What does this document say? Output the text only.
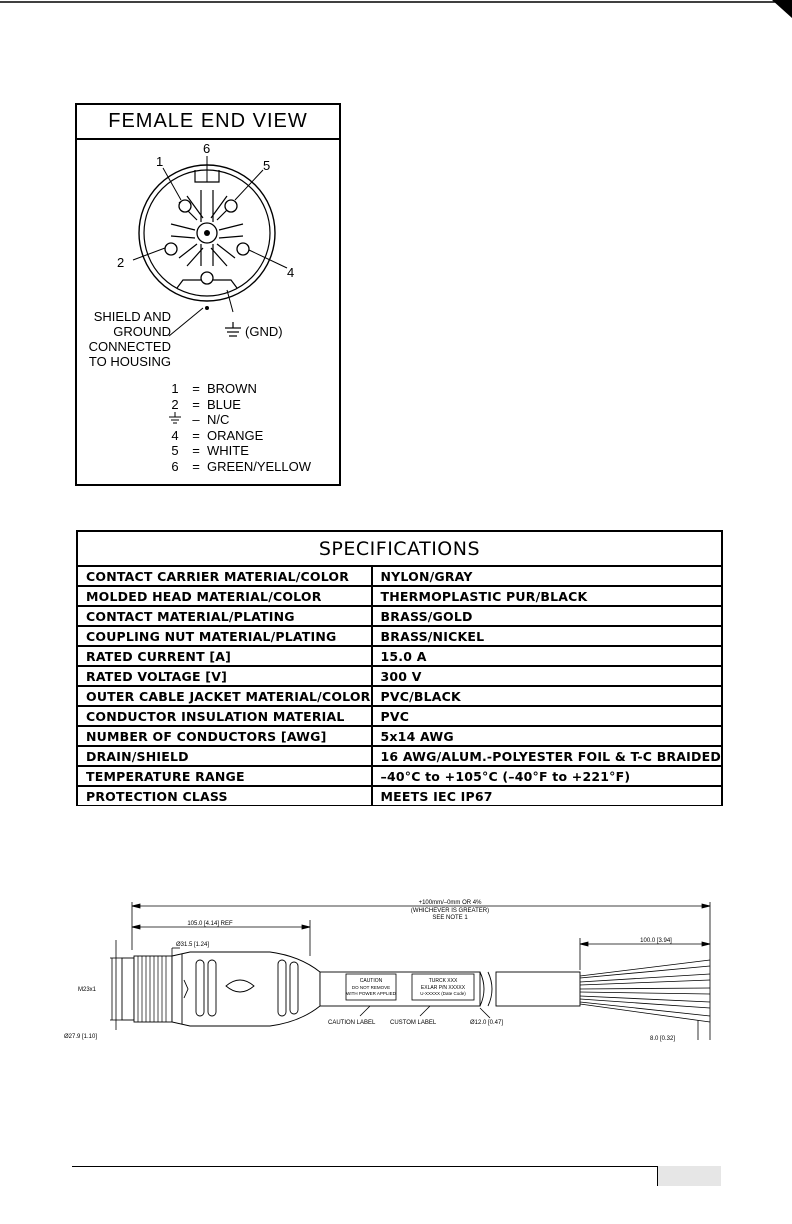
FEMALE END VIEW
6
1	5
2
4
(GND)
SHIELD AND
GROUND
CONNECTED
TO HOUSING
1 = BROWN
2 = BLUE
– N/C
4 = ORANGE
5 = WHITE
6 = GREEN/YELLOW
SPECIFICATIONS	
CONTACT CARRIER MATERIAL/COLOR	NYLON/GRAY
MOLDED HEAD MATERIAL/COLOR	THERMOPLASTIC PUR/BLACK
CONTACT MATERIAL/PLATING	BRASS/GOLD
COUPLING NUT MATERIAL/PLATING	BRASS/NICKEL
RATED CURRENT [A]	15.0 A
RATED VOLTAGE [V]	300 V
OUTER CABLE JACKET MATERIAL/COLOR	PVC/BLACK
CONDUCTOR INSULATION MATERIAL	PVC
NUMBER OF CONDUCTORS [AWG]	5x14 AWG
DRAIN/SHIELD	16 AWG/ALUM.-POLYESTER FOIL & T-C BRAIDED
TEMPERATURE RANGE	–40°C to +105°C (–40°F to +221°F)
PROTECTION CLASS	MEETS IEC IP67
+100mm/–0mm OR 4%
(WHICHEVER IS GREATER)
SEE NOTE 1
105.0 [4.14] REF
100.0 [3.94]
CAUTION
DO NOT REMOVE
WITH POWER APPLIED
TURCK XXX
EXLAR P/N XXXXX
U-XXXXX (Date Code)
Ø31.5 [1.24]
M23x1
Ø27.9 [1.10]
Ø12.0 [0.47]
8.0 [0.32]
CAUTION LABEL CUSTOM LABEL
